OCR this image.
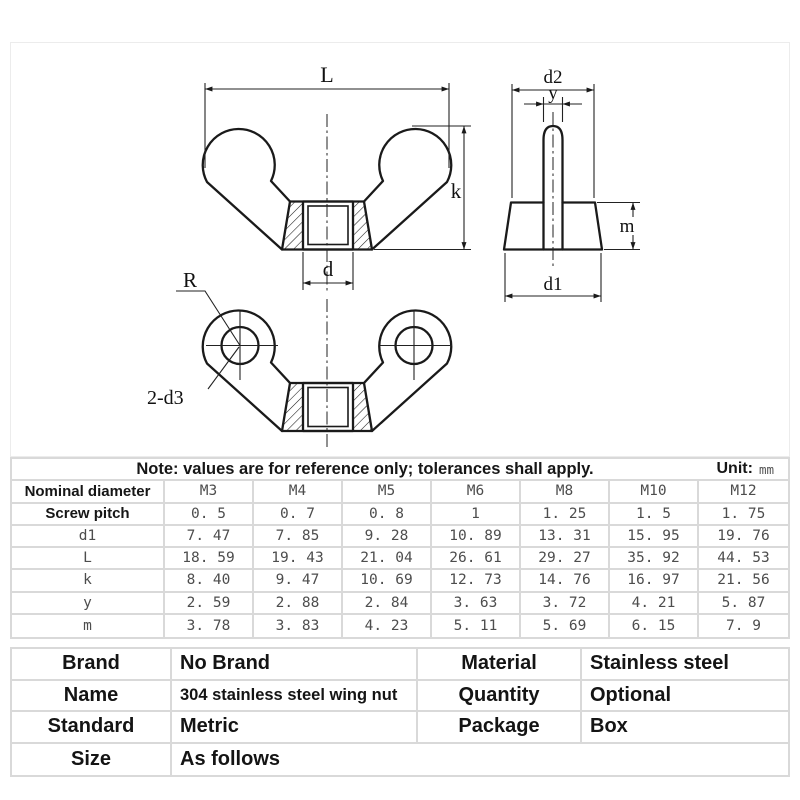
L
k
d
d2
y
m
d1
R
2-d3
Note: values are for reference only; tolerances shall apply.	Unit: mm
Nominal diameter	M3	M4	M5	M6	M8	M10	M12
Screw pitch	0. 5	0. 7	0. 8	1	1. 25	1. 5	1. 75
d1	7. 47	7. 85	9. 28	10. 89	13. 31	15. 95	19. 76
L	18. 59	19. 43	21. 04	26. 61	29. 27	35. 92	44. 53
k	8. 40	9. 47	10. 69	12. 73	14. 76	16. 97	21. 56
y	2. 59	2. 88	2. 84	3. 63	3. 72	4. 21	5. 87
m	3. 78	3. 83	4. 23	5. 11	5. 69	6. 15	7. 9
Brand	No Brand	Material	Stainless steel
Name	304 stainless steel wing nut	Quantity	Optional
Standard	Metric	Package	Box
Size	As follows
